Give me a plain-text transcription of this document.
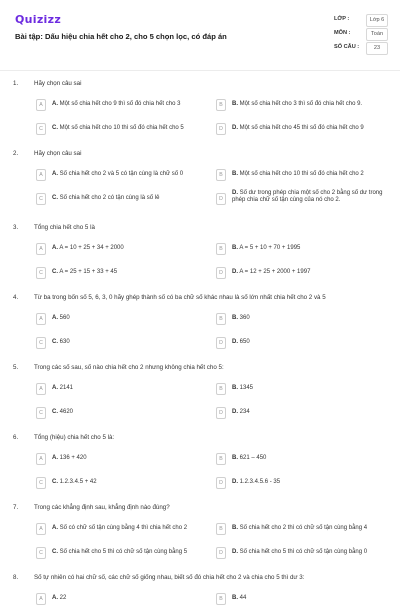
Quizizz
Bài tập: Dấu hiệu chia hết cho 2, cho 5 chọn lọc, có đáp án
LỚP :	Lớp 6
MÔN :	Toán
SỐ CÂU :	23
1.	Hãy chọn câu sai
A	A. Một số chia hết cho 9 thì số đó chia hết cho 3	B	B. Một số chia hết cho 3 thì số đó chia hết cho 9.
C	C. Một số chia hết cho 10 thì số đó chia hết cho 5	D	D. Một số chia hết cho 45 thì số đó chia hết cho 9
2.	Hãy chọn câu sai
A	A. Số chia hết cho 2 và 5 có tận cùng là chữ số 0	B	B. Một số chia hết cho 10 thì số đó chia hết cho 2
C	C. Số chia hết cho 2 có tận cùng là số lẻ	D
D. Số dư trong phép chia một số cho 2 bằng số dư trong phép chia chữ số tận cùng của nó cho 2.
3.	Tổng chia hết cho 5 là
A	A. A = 10 + 25 + 34 + 2000	B	B. A = 5 + 10 + 70 + 1995
C	C. A = 25 + 15 + 33 + 45	D	D. A = 12 + 25 + 2000 + 1997
4.	Từ ba trong bốn số 5, 6, 3, 0 hãy ghép thành số có ba chữ số khác nhau là số lớn nhất chia hết cho 2 và 5
A	A. 560	B	B. 360
C	C. 630	D	D. 650
5.	Trong các số sau, số nào chia hết cho 2 nhưng không chia hết cho 5:
A	A. 2141	B	B. 1345
C	C. 4620	D	D. 234
6.	Tổng (hiệu) chia hết cho 5 là:
A	A. 136 + 420	B	B. 621 – 450
C	C. 1.2.3.4.5 + 42	D	D. 1.2.3.4.5.6 - 35
7.	Trong các khẳng định sau, khẳng định nào đúng?
A	A. Số có chữ số tận cùng bằng 4 thì chia hết cho 2	B	B. Số chia hết cho 2 thì có chữ số tận cùng bằng 4
C	C. Số chia hết cho 5 thì có chữ số tận cùng bằng 5	D	D. Số chia hết cho 5 thì có chữ số tận cùng bằng 0
8.	Số tự nhiên có hai chữ số, các chữ số giống nhau, biết số đó chia hết cho 2 và chia cho 5 thì dư 3:
A	A. 22	B	B. 44
